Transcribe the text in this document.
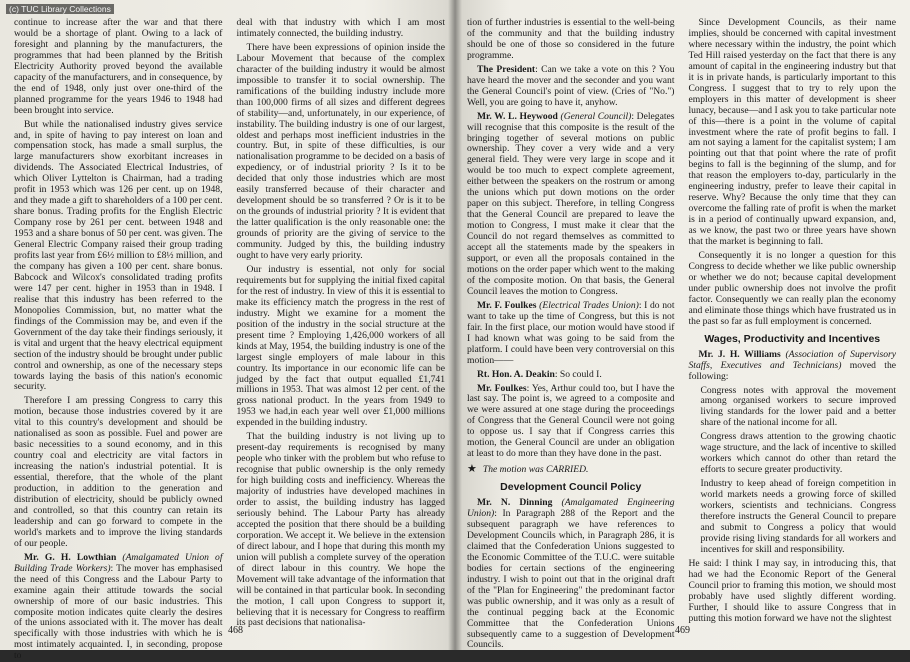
(c) TUC Library Collections

continue to increase after the war and that there would be a shortage of plant. Owing to a lack of foresight and planning by the manufacturers, the programmes that had been planned by the British Electricity Authority proved beyond the available capacity of the manufacturers, and in consequence, by the end of 1948, only just over one-third of the planned programme for the years 1946 to 1948 had been brought into service.

But while the nationalised industry gives service and, in spite of having to pay interest on loan and compensation stock, has made a small surplus, the large manufacturers show exorbitant increases in dividends. The Associated Electrical Industries, of which Oliver Lyttelton is Chairman, had a trading profit in 1953 which was 126 per cent. up on 1948, and they made a gift to shareholders of a 100 per cent. share bonus. Trading profits for the English Electric Company rose by 261 per cent. between 1948 and 1953 and a share bonus of 50 per cent. was given. The General Electric Company raised their group trading profits last year from £6½ million to £8½ million, and the company has given a 100 per cent. share bonus. Babcock and Wilcox's consolidated trading profits were 147 per cent. higher in 1953 than in 1948. I realise that this industry has been referred to the Monopolies Commission, but, no matter what the findings of the Commission may be, and even if the Government of the day take their findings seriously, it is vital and urgent that the heavy electrical equipment section of the industry should be brought under public control and ownership, as one of the necessary steps towards laying the basis of this nation's economic security.

Therefore I am pressing Congress to carry this motion, because those industries covered by it are vital to this country's development and should be nationalised as soon as possible. Fuel and power are basic necessities to a sound economy, and in this country coal and electricity are vital factors in increasing the nation's industrial potential. It is essential, therefore, that the whole of the plant production, in addition to the generation and distribution of electricity, should be publicly owned and controlled, so that this country can retain its leadership and can go forward to compete in the world's markets and to improve the living standards of our people.

Mr. G. H. Lowthian (Amalgamated Union of Building Trade Workers): The mover has emphasised the need of this Congress and the Labour Party to examine again their attitude towards the social ownership of more of our basic industries. This composite motion indicates quite clearly the desires of the unions associated with it. The mover has dealt specifically with those industries with which he is most intimately acquainted. I, in seconding, propose to

deal with that industry with which I am most intimately connected, the building industry.

There have been expressions of opinion inside the Labour Movement that because of the complex character of the building industry it would be almost impossible to transfer it to social ownership. The ramifications of the building industry include more than 100,000 firms of all sizes and different degrees of stability—and, unfortunately, in our experience, of instability. The building industry is one of our largest, oldest and perhaps most inefficient industries in the country. But, in spite of these difficulties, is our nationalisation programme to be decided on a basis of expediency, or of industrial priority ? Is it to be decided that only those industries which are most easily transferred because of their character and development should be so transferred ? Or is it to be on the grounds of industrial priority ? It is evident that the latter qualification is the only reasonable one: the grounds of priority are the giving of service to the community. Judged by this, the building industry ought to have very early priority.

Our industry is essential, not only for social requirements but for supplying the initial fixed capital for the rest of industry. In view of this it is essential to make its efficiency match the progress in the rest of industry. Might we examine for a moment the position of the industry in the social structure at the present time ? Employing 1,426,000 workers of all kinds at May, 1954, the building industry is one of the largest single employers of male labour in this country. Its importance in our economic life can be judged by the fact that output equalled £1,741 millions in 1953. That was almost 12 per cent. of the gross national product. In the years from 1949 to 1953 we had,in each year well over £1,000 millions expended in the building industry.

That the building industry is not living up to present-day requirements is recognised by many people who tinker with the problem but who refuse to recognise that public ownership is the only remedy for high building costs and inefficiency. Whereas the majority of industries have developed machines in order to assist, the building industry has lagged seriously behind. The Labour Party has already accepted the position that there should be a building corporation. We accept it. We believe in the extension of direct labour, and I hope that during this month my union will publish a complete survey of the operation of direct labour in this country. We hope the Movement will take advantage of the information that will be contained in that particular book. In seconding the motion, I call upon Congress to support it, believing that it is necessary for Congress to reaffirm its past decisions that nationalisa-

468

tion of further industries is essential to the well-being of the community and that the building industry should be one of those so considered in the future programme.

The President: Can we take a vote on this ? You have heard the mover and the seconder and you want the General Council's point of view. (Cries of "No.") Well, you are going to have it, anyhow.

Mr. W. L. Heywood (General Council): Delegates will recognise that this composite is the result of the bringing together of several motions on public ownership. They cover a very wide and a very general field. They were very large in scope and it would be too much to expect complete agreement, either between the speakers on the rostrum or among the unions which put down motions on the order paper on this subject. Therefore, in telling Congress that the General Council are prepared to leave the motion to Congress, I must make it clear that the Council do not regard themselves as committed to accept all the statements made by the speakers in support, or even all the proposals contained in the motions on the order paper which went to the making of the composite motion. On that basis, the General Council leaves the motion to Congress.

Mr. F. Foulkes (Electrical Trades Union): I do not want to take up the time of Congress, but this is not fair. In the first place, our motion would have stood if I had known what was going to be said from the platform. I could have been very controversial on this motion——

Rt. Hon. A. Deakin: So could I.

Mr. Foulkes: Yes, Arthur could too, but I have the last say. The point is, we agreed to a composite and we were assured at one stage during the proceedings of Congress that the General Council were not going to oppose us. I say that if Congress carries this motion, the General Council are under an obligation at least to do more than they have done in the past.

★ The motion was CARRIED.

Development Council Policy

Mr. N. Dinning (Amalgamated Engineering Union): In Paragraph 288 of the Report and the subsequent paragraph we have references to Development Councils which, in Paragraph 286, it is claimed that the Confederation Unions suggested to the Economic Committee of the T.U.C. were suitable bodies for certain sections of the engineering industry. I wish to point out that in the original draft of the "Plan for Engineering" the predominant factor was public ownership, and it was only as a result of the continual pegging back at the Economic Committee that the Confederation Unions subsequently came to a suggestion of Development Councils.

Since Development Councils, as their name implies, should be concerned with capital investment where necessary within the industry, the point which Ted Hill raised yesterday on the fact that there is any amount of capital in the engineering industry but that it is in private hands, is particularly important to this Congress. I suggest that to try to rely upon the employers in this matter of development is sheer lunacy, because—and I ask you to take particular note of this—there is a point in the volume of capital investment where the rate of profit begins to fall. I am not saying a lament for the capitalist system; I am pointing out that that point where the rate of profit begins to fall is the beginning of the slump, and for that reason the employers to-day, particularly in the engineering industry, prefer to leave their capital in reserve. Why? Because the only time that they can overcome the falling rate of profit is when the market is in a period of continually upward expansion, and, as we know, the past two or three years have shown that the market is beginning to fall.

Consequently it is no longer a question for this Congress to decide whether we like public ownership or whether we do not; because capital development under public ownership does not involve the profit factor. Consequently we can really plan the economy and eliminate those things which have frustrated us in the past so far as full employment is concerned.

Wages, Productivity and Incentives

Mr. J. H. Williams (Association of Supervisory Staffs, Executives and Technicians) moved the following:

Congress notes with approval the movement among organised workers to secure improved living standards for the lower paid and a better share of the national income for all.

Congress draws attention to the growing chaotic wage structure, and the lack of incentive to skilled workers which cannot do other than retard the efforts to secure greater productivity.

Industry to keep ahead of foreign competition in world markets needs a growing force of skilled workers, scientists and technicians. Congress therefore instructs the General Council to prepare and submit to Congress a policy that would provide rising living standards for all workers and incentives for skill and responsibility.

He said: I think I may say, in introducing this, that had we had the Economic Report of the General Council prior to framing this motion, we should most probably have used slightly different wording. Further, I should like to assure Congress that in putting this motion forward we have not the slightest

469
